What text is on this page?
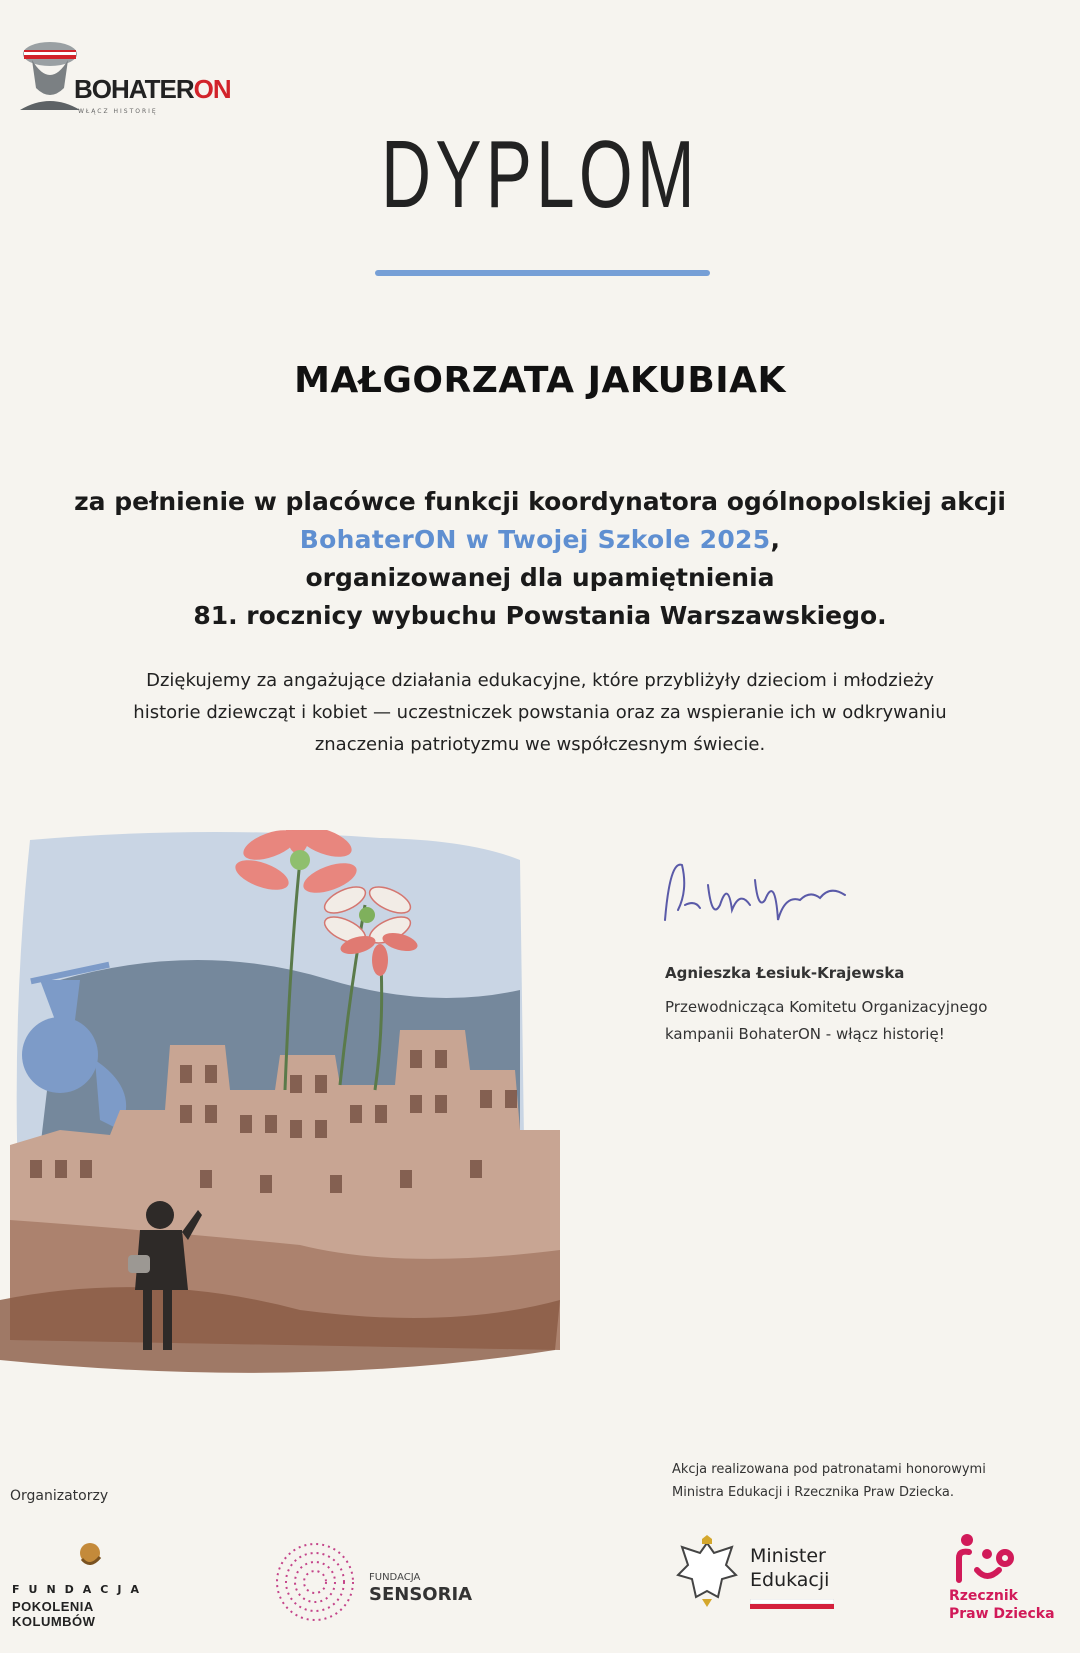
BOHATERON
WŁĄCZ HISTORIĘ
DYPLOM
MAŁGORZATA JAKUBIAK
za pełnienie w placówce funkcji koordynatora ogólnopolskiej akcji
BohaterON w Twojej Szkole 2025,
organizowanej dla upamiętnienia
81. rocznicy wybuchu Powstania Warszawskiego.
Dziękujemy za angażujące działania edukacyjne, które przybliżyły dzieciom i młodzieży
historie dziewcząt i kobiet — uczestniczek powstania oraz za wspieranie ich w odkrywaniu
znaczenia patriotyzmu we współczesnym świecie.
Agnieszka Łesiuk-Krajewska
Przewodnicząca Komitetu Organizacyjnego
kampanii BohaterON - włącz historię!
Organizatorzy
Akcja realizowana pod patronatami honorowymi
Ministra Edukacji i Rzecznika Praw Dziecka.
FUNDACJA
POKOLENIA KOLUMBÓW
FUNDACJA
SENSORIA
Minister
Edukacji
Rzecznik
Praw Dziecka
